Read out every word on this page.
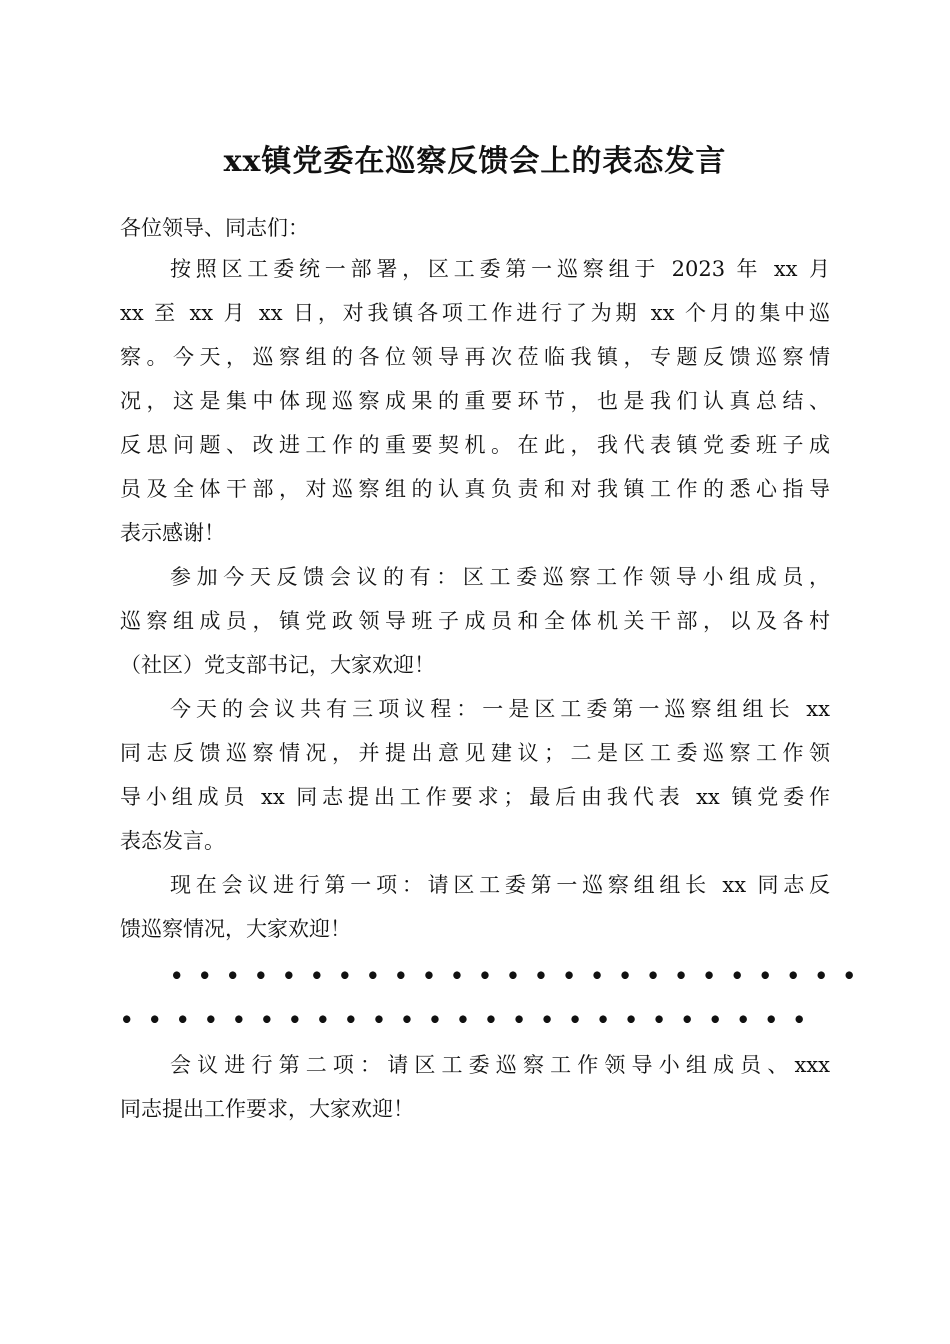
xx镇党委在巡察反馈会上的表态发言
各位领导、同志们：
按照区工委统一部署，区工委第一巡察组于 2023 年 xx 月
xx 至 xx 月 xx 日，对我镇各项工作进行了为期 xx 个月的集中巡
察。今天，巡察组的各位领导再次莅临我镇，专题反馈巡察情
况，这是集中体现巡察成果的重要环节，也是我们认真总结、
反思问题、改进工作的重要契机。在此，我代表镇党委班子成
员及全体干部，对巡察组的认真负责和对我镇工作的悉心指导
表示感谢！
参加今天反馈会议的有：区工委巡察工作领导小组成员，
巡察组成员，镇党政领导班子成员和全体机关干部，以及各村
（社区）党支部书记，大家欢迎！
今天的会议共有三项议程：一是区工委第一巡察组组长 xx
同志反馈巡察情况，并提出意见建议；二是区工委巡察工作领
导小组成员 xx 同志提出工作要求；最后由我代表 xx 镇党委作
表态发言。
现在会议进行第一项：请区工委第一巡察组组长 xx 同志反
馈巡察情况，大家欢迎！
•••••••••••••••••••••••••
•••••••••••••••••••••••••
会议进行第二项：请区工委巡察工作领导小组成员、xxx
同志提出工作要求，大家欢迎！
